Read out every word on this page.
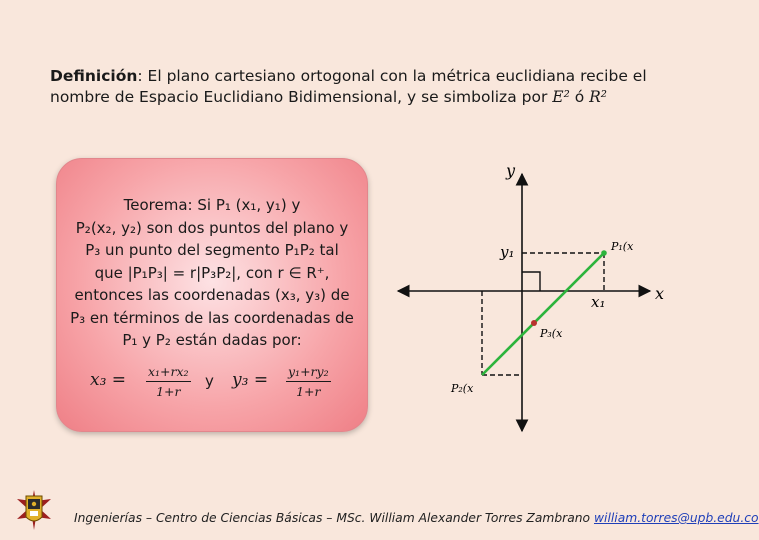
Definición: El plano cartesiano ortogonal con la métrica euclidiana recibe el nombre de Espacio Euclidiano Bidimensional, y se simboliza por E² ó R²
Teorema: Si P₁ (x₁, y₁) y
P₂(x₂, y₂) son dos puntos del plano y
P₃ un punto del segmento P₁P₂ tal
que |P₁P₃| = r|P₃P₂|, con r ∈ R⁺,
entonces las coordenadas (x₃, y₃) de
P₃ en términos de las coordenadas de
P₁ y P₂ están dadas por:
$x_3 = \frac{\text{x₁+rx₂}}{1+r}$ y $y_3 = \frac{\text{y₁+ry₂}}{1+r}$
y
x
y₁
x₁
P₁(x
P₃(x
P₂(x
Ingenierías – Centro de Ciencias Básicas – MSc. William Alexander Torres Zambrano william.torres@upb.edu.co
